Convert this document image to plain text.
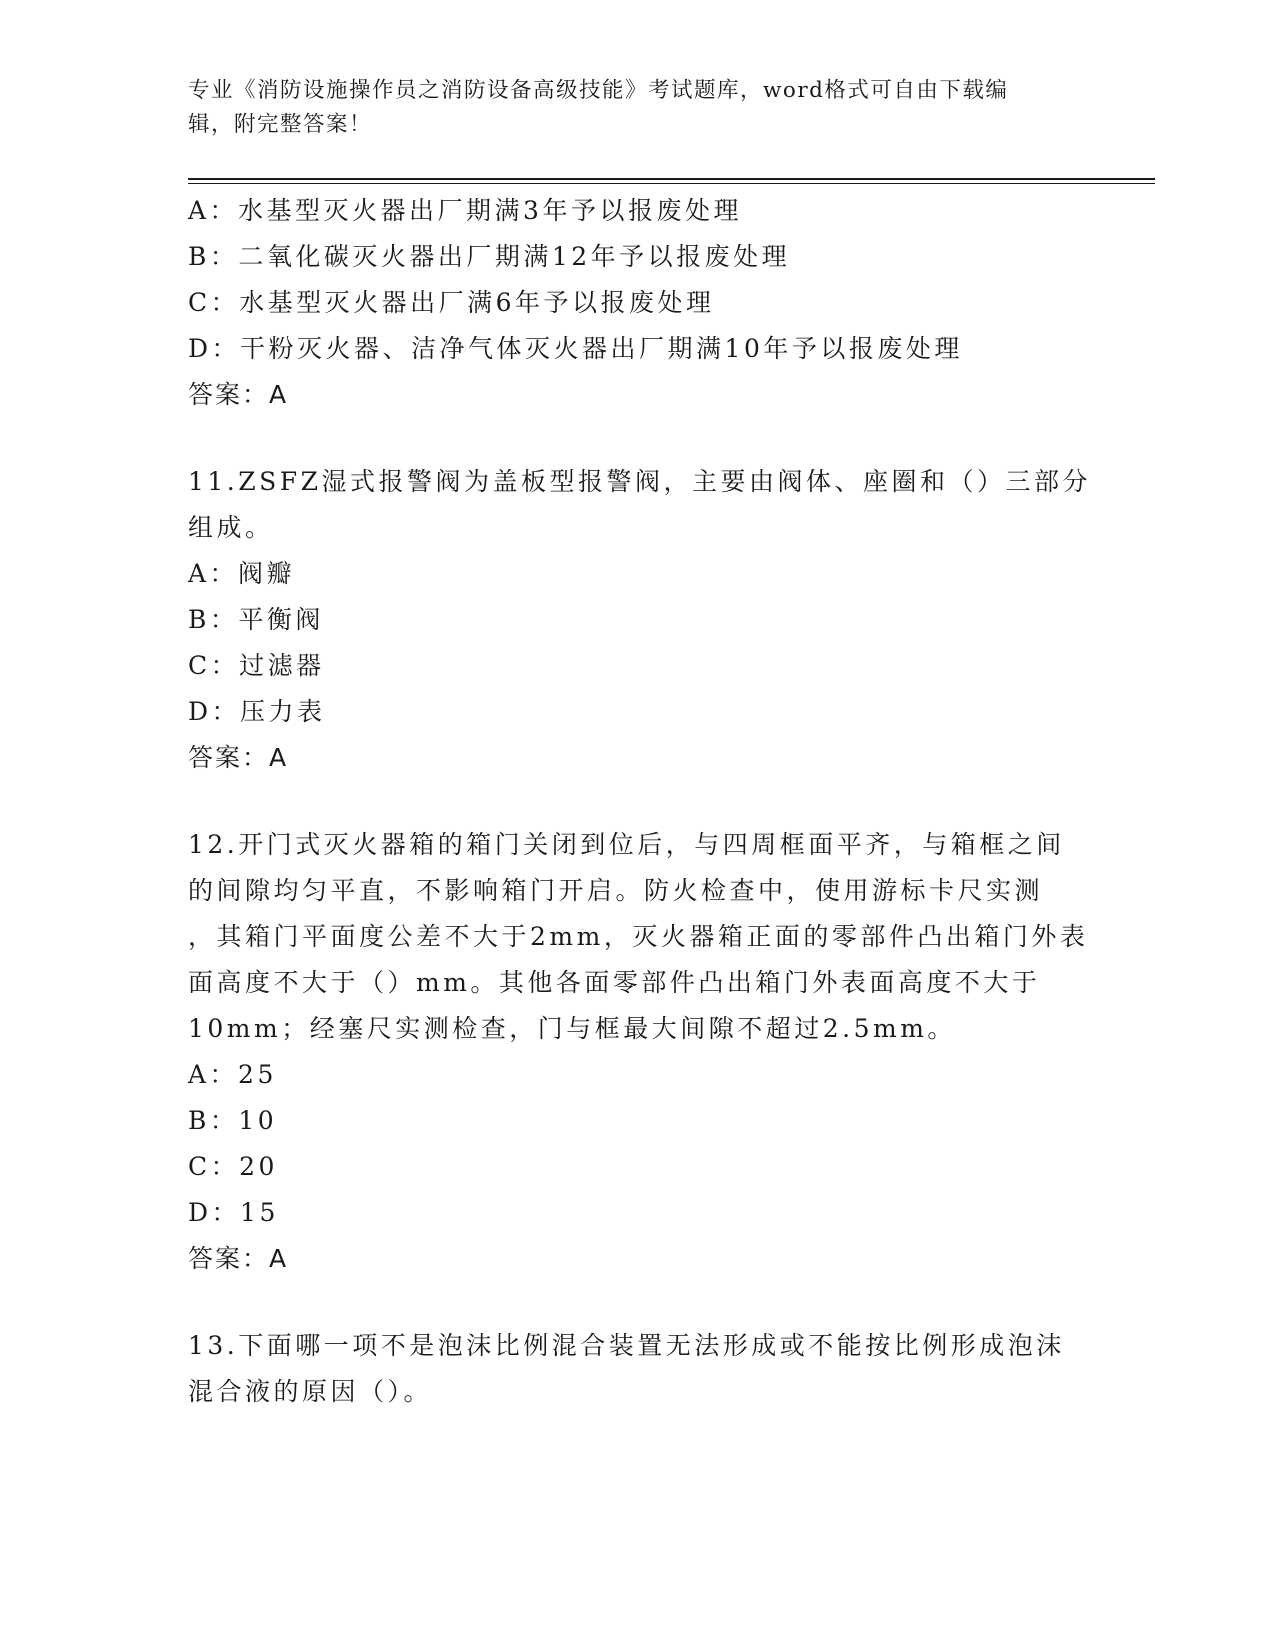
专业《消防设施操作员之消防设备高级技能》考试题库，word格式可自由下载编
辑，附完整答案！
A：水基型灭火器出厂期满3年予以报废处理
B：二氧化碳灭火器出厂期满12年予以报废处理
C：水基型灭火器出厂满6年予以报废处理
D：干粉灭火器、洁净气体灭火器出厂期满10年予以报废处理
答案：A
11.ZSFZ湿式报警阀为盖板型报警阀，主要由阀体、座圈和（）三部分
组成。
A：阀瓣
B：平衡阀
C：过滤器
D：压力表
答案：A
12.开门式灭火器箱的箱门关闭到位后，与四周框面平齐，与箱框之间
的间隙均匀平直，不影响箱门开启。防火检查中，使用游标卡尺实测
，其箱门平面度公差不大于2mm，灭火器箱正面的零部件凸出箱门外表
面高度不大于（）mm。其他各面零部件凸出箱门外表面高度不大于
10mm；经塞尺实测检查，门与框最大间隙不超过2.5mm。
A：25
B：10
C：20
D：15
答案：A
13.下面哪一项不是泡沫比例混合装置无法形成或不能按比例形成泡沫
混合液的原因（）。
